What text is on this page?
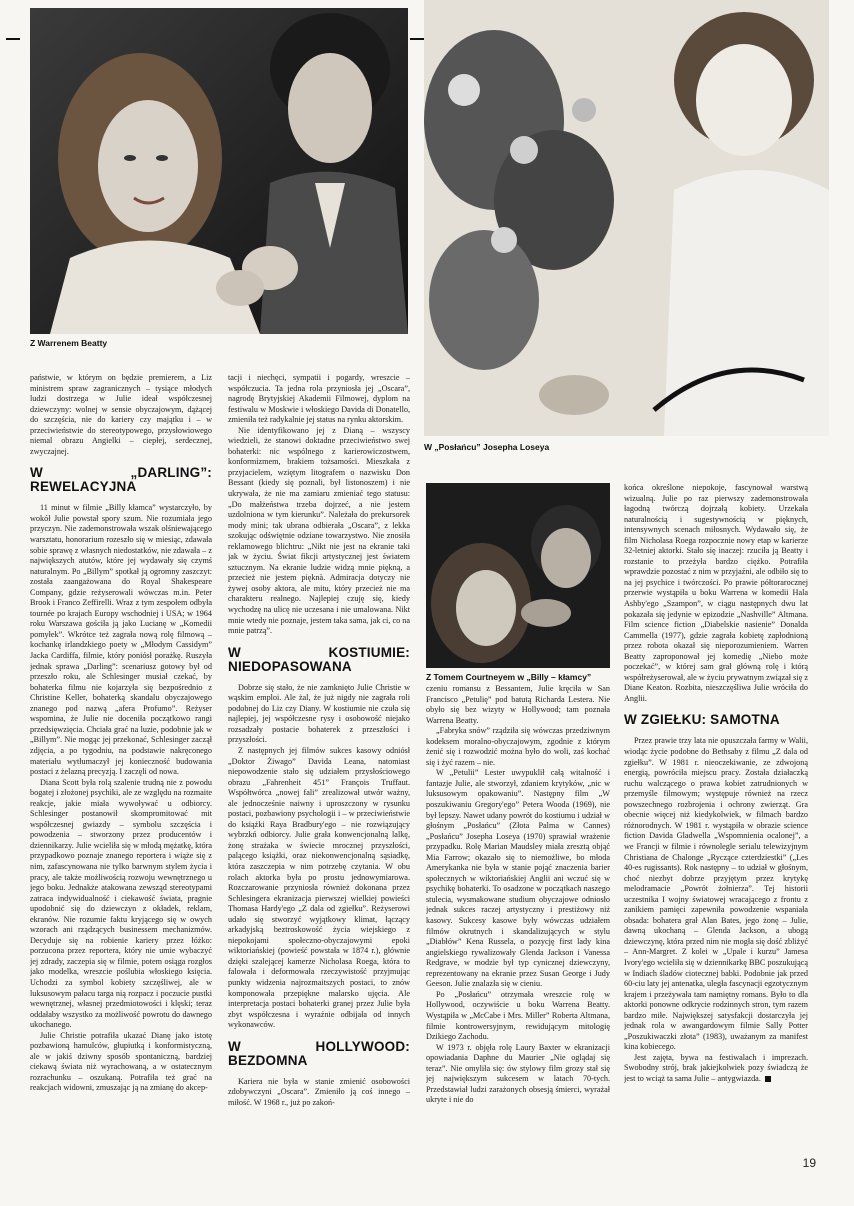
Z Warrenem Beatty
W „Posłańcu” Josepha Loseya
Z Tomem Courtneyem w „Billy – kłamcy”

państwie, w którym on będzie premierem, a Liz ministrem spraw zagranicznych – tysiące młodych ludzi dostrzega w Julie ideał współczesnej dziewczyny: wolnej w sensie obyczajowym, dążącej do szczęścia, nie do kariery czy majątku i – w przeciwieństwie do stereotypowego, przysłowiowego niemal obrazu Angielki – ciepłej, serdecznej, zwyczajnej.

W „DARLING”: REWELACYJNA

11 minut w filmie „Billy kłamca” wystarczyło, by wokół Julie powstał spory szum. Nie rozumiała jego przyczyn. Nie zademonstrowała wszak olśniewającego warsztatu, honorarium rozeszło się w miesiąc, zdawała sobie sprawę z własnych niedostatków, nie zdawała – z największych atutów, które jej wydawały się czymś naturalnym. Po „Billym” spotkał ją ogromny zaszczyt: została zaangażowana do Royal Shakespeare Company, gdzie reżyserowali wówczas m.in. Peter Brook i Franco Zeffirelli. Wraz z tym zespołem odbyła tournée po krajach Europy wschodniej i USA; w 1964 roku Warszawa gościła ją jako Lucianę w „Komedii pomyłek”. Wkrótce też zagrała nową rolę filmową – kochankę irlandzkiego poety w „Młodym Cassidym” Jacka Cardiffa, filmie, który poniósł porażkę. Ruszyła jednak sprawa „Darling”: scenariusz gotowy był od przeszło roku, ale Schlesinger musiał czekać, by bohaterka filmu nie kojarzyła się bezpośrednio z Christine Keller, bohaterką skandalu obyczajowego znanego pod nazwą „afera Profumo”. Reżyser wspomina, że Julie nie doceniła początkowo rangi przedsięwzięcia. Chciała grać na luzie, podobnie jak w „Billym”. Nie mogąc jej przekonać, Schlesinger zaczął zdjęcia, a po tygodniu, na podstawie nakręconego materiału wytłumaczył jej konieczność budowania postaci z żelazną precyzją. I zaczęli od nowa.

Diana Scott była rolą szalenie trudną nie z powodu bogatej i złożonej psychiki, ale ze względu na rozmaite reakcje, jakie miała wywoływać u odbiorcy. Schlesinger postanowił skompromitować mit współczesnej gwiazdy – symbolu szczęścia i powodzenia – stworzony przez producentów i dziennikarzy. Julie wcieliła się w młodą mężatkę, która przypadkowo poznaje znanego reportera i wiąże się z nim, zafascynowana nie tylko barwnym stylem życia i pracy, ale także możliwością rozwoju wewnętrznego u jego boku. Jednakże atakowana zewsząd stereotypami zatraca indywidualność i ciekawość świata, pragnie upodobnić się do dziewczyn z okładek, reklam, ekranów. Nie rozumie faktu kryjącego się w owych wzorach ani rządzących businessem mechanizmów. Decyduje się na robienie kariery przez łóżko: porzucona przez reportera, który nie umie wybaczyć jej zdrady, zaczepia się w filmie, potem osiąga rozgłos jako modelka, wreszcie poślubia włoskiego księcia. Uchodzi za symbol kobiety szczęśliwej, ale w luksusowym pałacu targa nią rozpacz i poczucie pustki wewnętrznej, własnej przedmiotowości i klęski; teraz oddałaby wszystko za możliwość powrotu do dawnego ukochanego.

Julie Christie potrafiła ukazać Dianę jako istotę pozbawioną hamulców, głupiutką i konformistyczną, ale w jakiś dziwny sposób spontaniczną, bardziej ciekawą świata niż wyrachowaną, a w ostatecznym rozrachunku – oszukaną. Potrafiła też grać na reakcjach widowni, zmuszając ją na zmianę do akcep-

tacji i niechęci, sympatii i pogardy, wreszcie – współczucia. Ta jedna rola przyniosła jej „Oscara”, nagrodę Brytyjskiej Akademii Filmowej, dyplom na festiwalu w Moskwie i włoskiego Davida di Donatello, zmieniła też radykalnie jej status na rynku aktorskim.

Nie identyfikowano jej z Dianą – wszyscy wiedzieli, że stanowi doktadne przeciwieństwo swej bohaterki: nic wspólnego z karierowiczostwem, konformizmem, brakiem tożsamości. Mieszkała z przyjacielem, wziętym litografem o nazwisku Don Bessant (kiedy się poznali, był listonoszem) i nie ukrywała, że nie ma zamiaru zmieniać tego statusu: „Do małżeństwa trzeba dojrzeć, a nie jestem uzdolniona w tym kierunku”. Należała do prekursorek mody mini; tak ubrana odbierała „Oscara”, z lekka szokując odświętnie odziane towarzystwo. Nie znosiła reklamowego blichtru: „Nikt nie jest na ekranie taki jak w życiu. Świat fikcji artystycznej jest światem sztucznym. Na ekranie ludzie widzą mnie piękną, a przecież nie jestem pięknà. Admiracja dotyczy nie żywej osoby aktora, ale mitu, który przecież nie ma charakteru realnego. Najlepiej czuję się, kiedy wychodzę na ulicę nie uczesana i nie umalowana. Nikt mnie wtedy nie poznaje, jestem taka sama, jak ci, co na mnie patrzą”.

W KOSTIUMIE: NIEDOPASOWANA

Dobrze się stało, że nie zamknięto Julie Christie w wąskim emploi. Ale żal, że już nigdy nie zagrała roli podobnej do Liz czy Diany. W kostiumie nie czuła się najlepiej, jej współczesne rysy i osobowość niejako rozsadzały postacie bohaterek z przeszłości i przyszłości.

Z następnych jej filmów sukces kasowy odniósł „Doktor Żiwago” Davida Leana, natomiast niepowodzenie stało się udziałem przysłościowego obrazu „Fahrenheit 451” François Truffaut. Współtwórca „nowej fali” zrealizował utwór ważny, ale jednocześnie naiwny i uproszczony w rysunku postaci, pozbawiony psychologii i – w przeciwieństwie do książki Raya Bradbury'ego – nie rozwiązujący wybrzkń odbiorcy. Julie grała konwencjonalną lalkę, żonę strażaka w świecie mrocznej przyszłości, palącego książki, oraz niekonwencjonalną sąsiadkę, która zaszczepia w nim potrzebę czytania. W obu rolach aktorka była po prostu jednowymiarowa. Rozczarowanie przyniosła również dokonana przez Schlesingera ekranizacja pierwszej wielkiej powieści Thomasa Hardy'ego „Z dala od zgiełku”. Reżyserowi udało się stworzyć wyjątkowy klimat, łączący arkadyjską beztroskowość życia wiejskiego z niepokojami społeczno-obyczajowymi epoki wiktoriańskiej (powieść powstała w 1874 r.), głównie dzięki szalejącej kamerze Nicholasa Roega, która to falowała i deformowała rzeczywistość przyjmując punkty widzenia najrozmaitszych postaci, to znów komponowała przepiękne malarsko ujęcia. Ale interpretacja postaci bohaterki granej przez Julie była zbyt współczesna i wyraźnie odbijała od innych wykonawców.

W HOLLYWOOD: BEZDOMNA

Kariera nie była w stanie zmienić osobowości zdobywczyni „Oscara”. Zmieniło ją coś innego – miłość. W 1968 r., już po zakoń-

czeniu romansu z Bessantem, Julie kręciła w San Francisco „Petulię” pod batutą Richarda Lestera. Nie obyło się bez wizyty w Hollywood; tam poznała Warrena Beatty.

„Fabryka snów” rządziła się wówczas przedziwnym kodeksem moralno-obyczajowym, zgodnie z którym żenić się i rozwodzić można było do woli, zaś kochać się i żyć razem – nie.

W „Petulii” Lester uwypuklił całą witalność i fantazje Julie, ale stworzył, zdaniem krytyków, „nic w luksusowym opakowaniu”. Następny film „W poszukiwaniu Gregory'ego” Petera Wooda (1969), nie był lepszy. Nawet udany powrót do kostiumu i udział w głośnym „Posłańcu” (Złota Palma w Cannes) „Posłańcu” Josepha Loseya (1970) sprawiał wrażenie przypadku. Rolę Marian Maudsley miała zresztą objąć Mia Farrow; okazało się to niemożliwe, bo młoda Amerykanka nie była w stanie pojąć znaczenia barier społecznych w wiktoriańskiej Anglii ani wczuć się w psychikę bohaterki. To osadzone w początkach naszego stulecia, wysmakowane studium obyczajowe odniosło jednak sukces raczej artystyczny i prestiżowy niż kasowy. Sukcesy kasowe były wówczas udziałem filmów okrutnych i skandalizujących w stylu „Diabłów” Kena Russela, o pozycję first lady kina angielskiego rywalizowały Glenda Jackson i Vanessa Redgrave, w modzie był typ cynicznej dziewczyny, reprezentowany na ekranie przez Susan George i Judy Geeson. Julie znalazła się w cieniu.

Po „Posłańcu” otrzymała wreszcie rolę w Hollywood, oczywiście u boku Warrena Beatty. Wystąpiła w „McCabe i Mrs. Miller” Roberta Altmana, filmie kontrowersyjnym, rewidującym mitologię Dzikiego Zachodu.

W 1973 r. objęła rolę Laury Baxter w ekranizacji opowiadania Daphne du Maurier „Nie oglądaj się teraz”. Nie omyliła się: ów stylowy film grozy stał się jej największym sukcesem w latach 70-tych. Przedstawiał ludzi zarażonych obsesją śmierci, wyrażał ukryte i nie do

końca określone niepokoje, fascynował warstwą wizualną. Julie po raz pierwszy zademonstrowała łagodną twórczą dojrzałą kobiety. Urzekała naturalnością i sugestywnością w pięknych, intensywnych scenach miłosnych. Wydawało się, że film Nicholasa Roega rozpocznie nowy etap w karierze 32-letniej aktorki. Stało się inaczej: rzuciła ją Beatty i rozstanie to przeżyła bardzo ciężko. Potrafiła wprawdzie pozostać z nim w przyjaźni, ale odbiło się to na jej psychice i twórczości. Po prawie półtorarocznej przerwie wystąpiła u boku Warrena w komedii Hala Ashby'ego „Szampon”, w ciągu następnych dwu lat pokazała się jedynie w epizodzie „Nashville” Altmana. Film science fiction „Diabelskie nasienie” Donalda Cammella (1977), gdzie zagrała kobietę zapłodnioną przez robota okazał się nieporozumieniem. Warren Beatty zaproponował jej komedię „Niebo może poczekać”, w której sam grał główną rolę i którą współreżyserował, ale w życiu prywatnym związał się z Diane Keaton. Rozbita, nieszczęśliwa Julie wróciła do Anglii.

W ZGIEŁKU: SAMOTNA

Przez prawie trzy lata nie opuszczała farmy w Walii, wiodąc życie podobne do Bethsaby z filmu „Z dala od zgiełku”. W 1981 r. nieoczekiwanie, ze zdwojoną energią, powróciła miejscu pracy. Została działaczką ruchu walczącego o prawa kobiet zatrudnionych w przemyśle filmowym; występuje również na rzecz powszechnego rozbrojenia i ochrony zwierząt. Gra obecnie więcej niż kiedykolwiek, w filmach bardzo różnorodnych. W 1981 r. wystąpiła w obrazie science fiction Davida Gladwella „Wspomnienia ocalonej”, a we Francji w filmie i równolegle serialu telewizyjnym Christiana de Chalonge „Ryczące czterdziestki” („Les 40-es rugissants). Rok następny – to udział w głośnym, choć niezbyt dobrze przyjętym przez krytykę melodramacie „Powrót żołnierza”. Tej historii uczestnika I wojny światowej wracającego z frontu z zanikiem pamięci zapewniła powodzenie wspaniała obsada: bohatera grał Alan Bates, jego żonę – Julie, dawną ukochaną – Glenda Jackson, a ubogą dziewczynę, która przed nim nie mogła się dość zbliżyć – Ann-Margret. Z kolei w „Upale i kurzu” Jamesa Ivory'ego wcieliła się w dziennikarkę BBC poszukującą w Indiach śladów ciotecznej babki. Podobnie jak przed 60-ciu laty jej antenatka, uległa fascynacji egzotycznym krajem i przeżywała tam namiętny romans. Było to dla aktorki ponowne odkrycie rodzinnych stron, tym razem bardzo miłe. Największej satysfakcji dostarczyła jej jednak rola w awangardowym filmie Sally Potter „Poszukiwaczki złota” (1983), uważanym za manifest kina kobiecego.

Jest zajęta, bywa na festiwalach i imprezach. Swobodny strój, brak jakiejkolwiek pozy świadczą że jest to wciąż ta sama Julie – antygwiazda.

19
